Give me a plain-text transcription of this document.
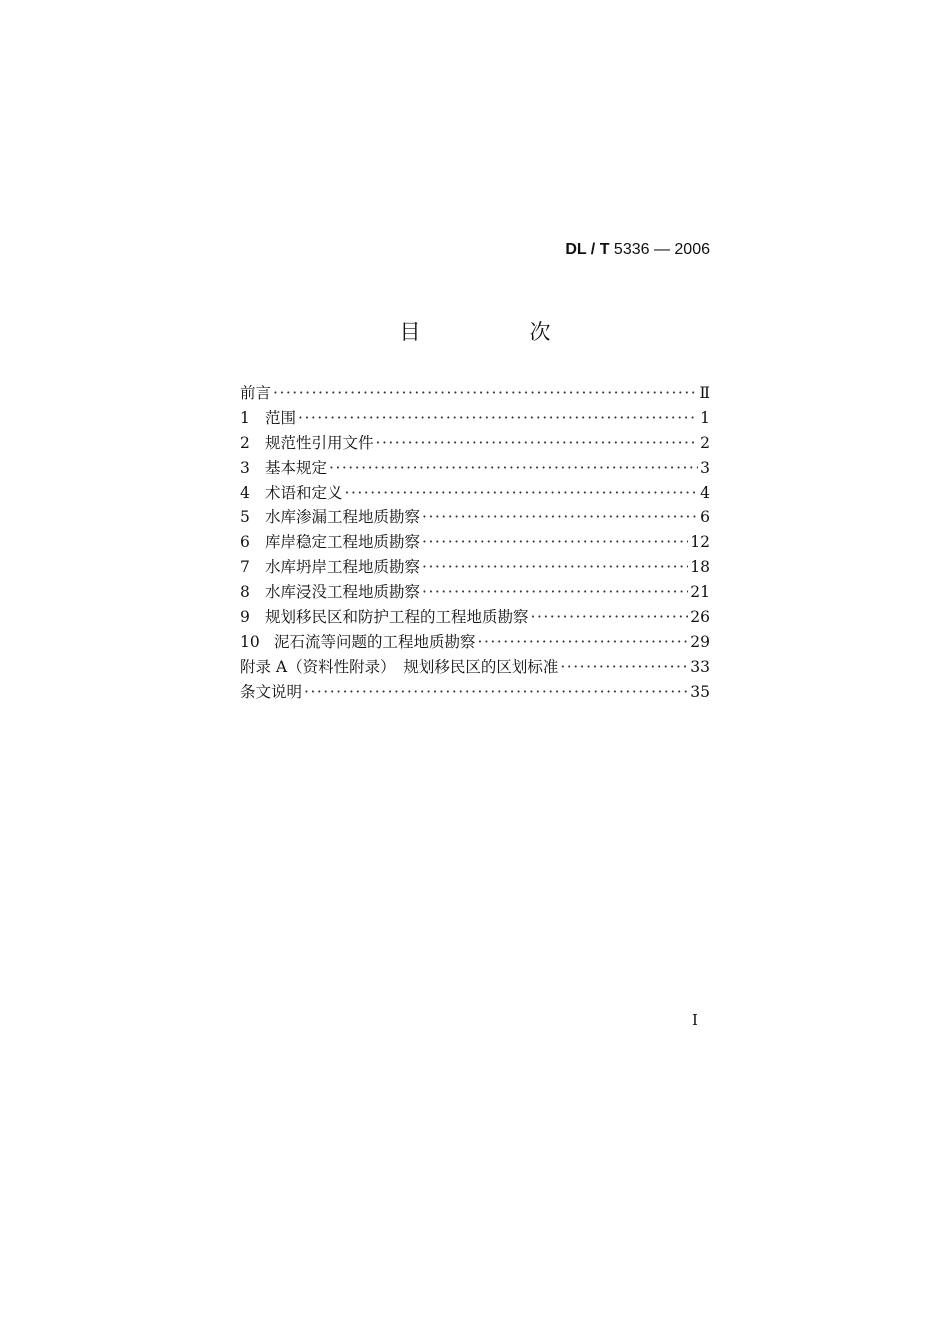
DL / T 5336 — 2006
目　次
前言 ·····	Ⅱ
1 范围 ·····	1
2 规范性引用文件 ·····	2
3 基本规定 ·····	3
4 术语和定义 ·····	4
5 水库渗漏工程地质勘察 ·····	6
6 库岸稳定工程地质勘察 ·····	12
7 水库坍岸工程地质勘察 ·····	18
8 水库浸没工程地质勘察 ·····	21
9 规划移民区和防护工程的工程地质勘察 ·····	26
10 泥石流等问题的工程地质勘察 ·····	29
附录 A（资料性附录）　规划移民区的区划标准 ·····	33
条文说明 ·····	35
I
